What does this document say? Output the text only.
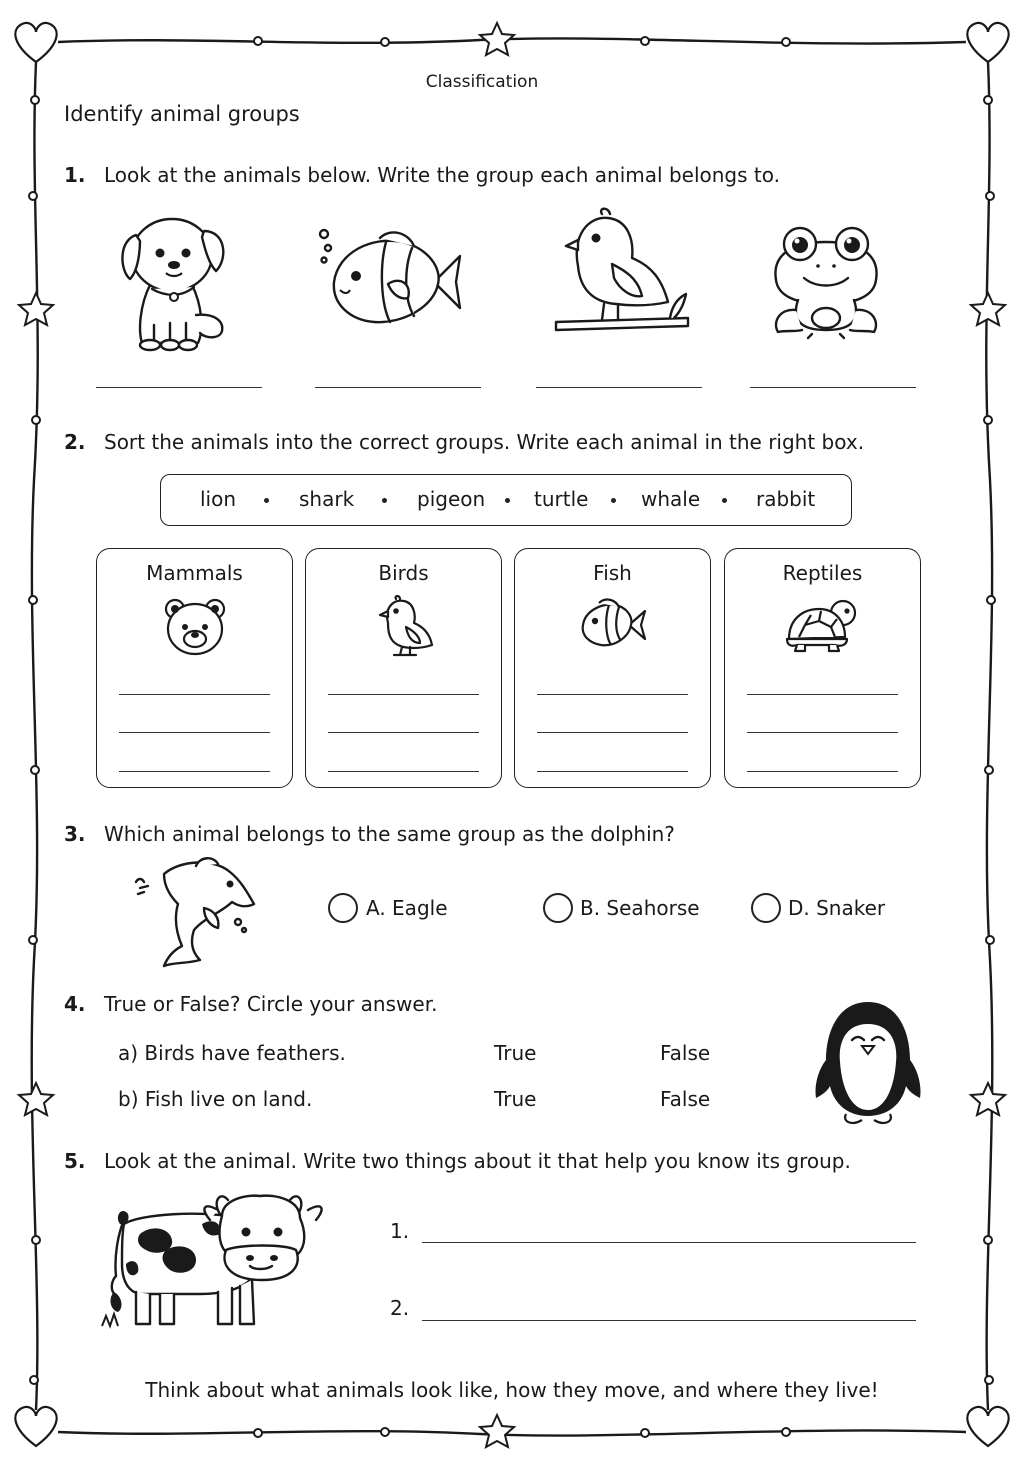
Classification
Identify animal groups
1. Look at the animals below. Write the group each animal belongs to.
2. Sort the animals into the correct groups. Write each animal in the right box.
lion	shark	pigeon turtle	whale	rabbit
Mammals	Birds	Fish	Reptiles
3. Which animal belongs to the same group as the dolphin?
A. Eagle	B. Seahorse	D. Snaker
4. True or False? Circle your answer.
a) Birds have feathers.	True	False
b) Fish live on land.	True	False
5. Look at the animal. Write two things about it that help you know its group.
1.
2.
Think about what animals look like, how they move, and where they live!
